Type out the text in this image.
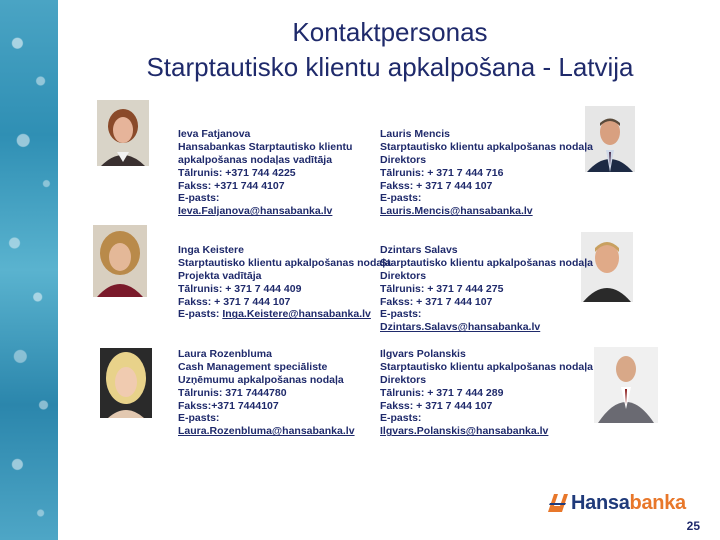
Kontaktpersonas
Starptautisko klientu apkalpošana - Latvija
Ieva Fatjanova
Hansabankas Starptautisko klientu
apkalpošanas nodaļas vadītāja
Tālrunis: +371 744 4225
Fakss: +371 744 4107
E-pasts:
Ieva.Faljanova@hansabanka.lv
Lauris Mencis
Starptautisko klientu apkalpošanas nodaļa
Direktors
Tālrunis: + 371 7 444 716
Fakss: + 371 7 444 107
E-pasts:
Lauris.Mencis@hansabanka.lv
Inga Keistere
Starptautisko klientu apkalpošanas nodaļa
Projekta vadītāja
Tālrunis: + 371 7 444 409
Fakss: + 371 7 444 107
E-pasts: Inga.Keistere@hansabanka.lv
Dzintars Salavs
Starptautisko klientu apkalpošanas nodaļa
Direktors
Tālrunis: + 371 7 444 275
Fakss: + 371 7 444 107
E-pasts:
Dzintars.Salavs@hansabanka.lv
Laura Rozenbluma
Cash Management speciāliste
Uzņēmumu apkalpošanas nodaļa
Tālrunis: 371 7444780
Fakss:+371 7444107
E-pasts:
Laura.Rozenbluma@hansabanka.lv
Ilgvars Polanskis
Starptautisko klientu apkalpošanas nodaļa
Direktors
Tālrunis: + 371 7 444 289
Fakss: + 371 7 444 107
E-pasts:
Ilgvars.Polanskis@hansabanka.lv
Hansabanka
25
